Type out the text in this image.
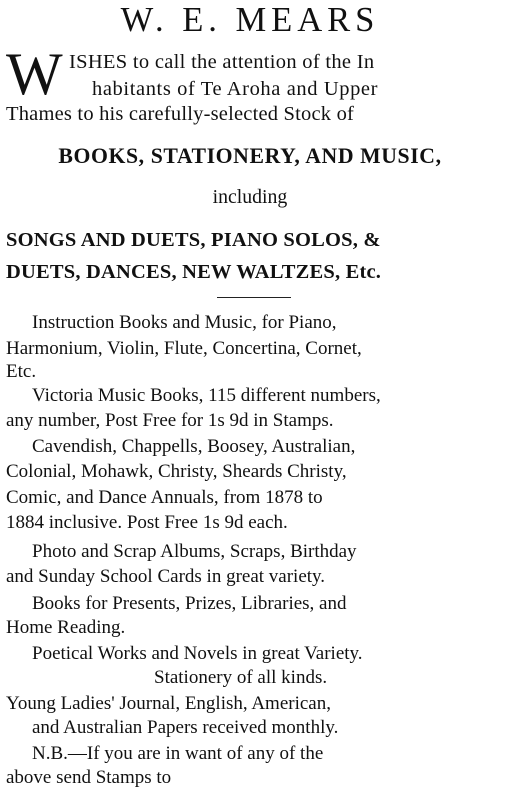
W. E. MEARS
W ISHES to call the attention of the In
habitants of Te Aroha and Upper
Thames to his carefully-selected Stock of
BOOKS, STATIONERY, AND MUSIC,
including
SONGS AND DUETS, PIANO SOLOS, &
DUETS, DANCES, NEW WALTZES, Etc.
Instruction Books and Music, for Piano,
Harmonium, Violin, Flute, Concertina, Cornet,
Etc.
Victoria Music Books, 115 different numbers,
any number, Post Free for 1s 9d in Stamps.
Cavendish, Chappells, Boosey, Australian,
Colonial, Mohawk, Christy, Sheards Christy,
Comic, and Dance Annuals, from 1878 to
1884 inclusive. Post Free 1s 9d each.
Photo and Scrap Albums, Scraps, Birthday
and Sunday School Cards in great variety.
Books for Presents, Prizes, Libraries, and
Home Reading.
Poetical Works and Novels in great Variety.
Stationery of all kinds.
Young Ladies' Journal, English, American,
and Australian Papers received monthly.
N.B.—If you are in want of any of the
above send Stamps to
